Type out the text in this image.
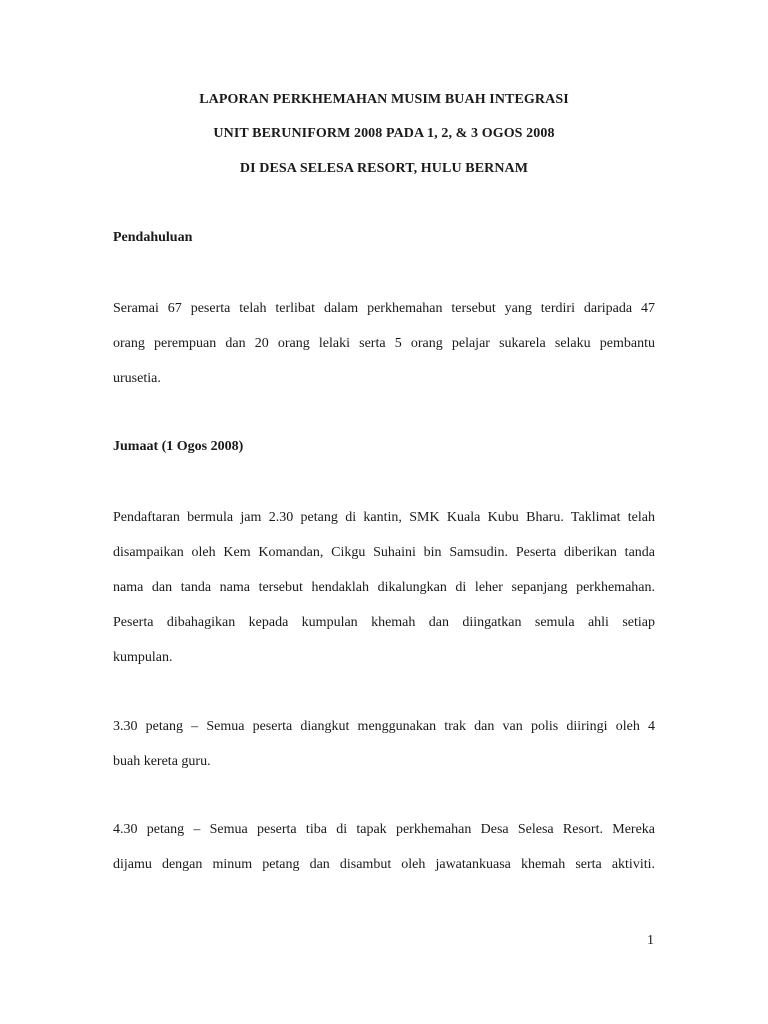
LAPORAN PERKHEMAHAN MUSIM BUAH INTEGRASI
UNIT BERUNIFORM 2008 PADA 1, 2, & 3 OGOS 2008
DI DESA SELESA RESORT, HULU BERNAM
Pendahuluan
Seramai 67 peserta telah terlibat dalam perkhemahan tersebut yang terdiri daripada 47
orang perempuan dan 20 orang lelaki serta 5 orang pelajar sukarela selaku pembantu
urusetia.
Jumaat (1 Ogos 2008)
Pendaftaran bermula jam 2.30 petang di kantin, SMK Kuala Kubu Bharu. Taklimat telah
disampaikan oleh Kem Komandan, Cikgu Suhaini bin Samsudin. Peserta diberikan tanda
nama dan tanda nama tersebut hendaklah dikalungkan di leher sepanjang perkhemahan.
Peserta dibahagikan kepada kumpulan khemah dan diingatkan semula ahli setiap
kumpulan.
3.30 petang – Semua peserta diangkut menggunakan trak dan van polis diiringi oleh 4
buah kereta guru.
4.30 petang – Semua peserta tiba di tapak perkhemahan Desa Selesa Resort. Mereka
dijamu dengan minum petang dan disambut oleh jawatankuasa khemah serta aktiviti.
1
